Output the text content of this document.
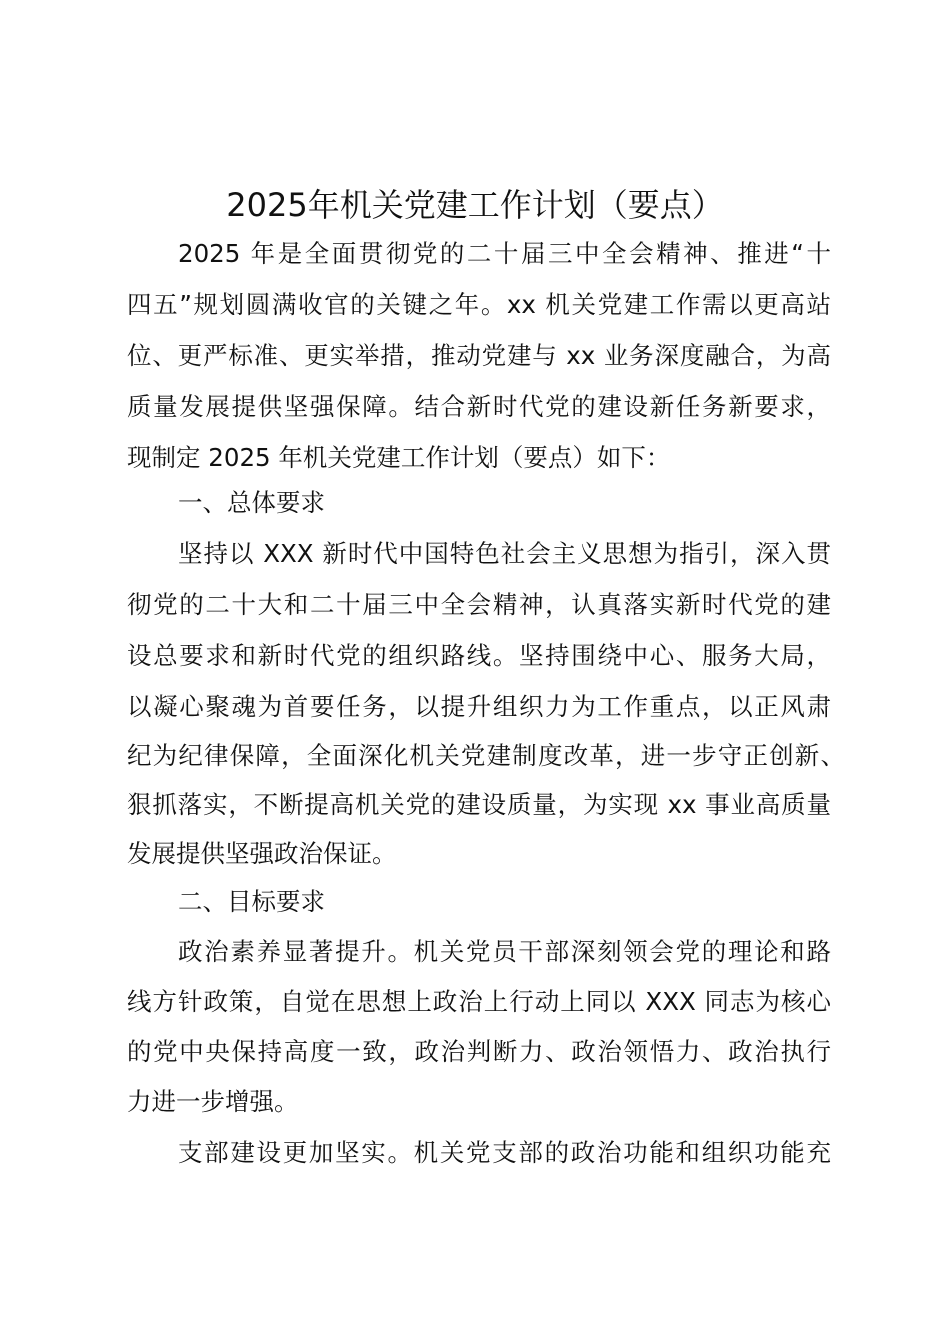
2025年机关党建工作计划（要点）
2025 年是全面贯彻党的二十届三中全会精神、推进“十
四五”规划圆满收官的关键之年。xx 机关党建工作需以更高站
位、更严标准、更实举措，推动党建与 xx 业务深度融合，为高
质量发展提供坚强保障。结合新时代党的建设新任务新要求，
现制定 2025 年机关党建工作计划（要点）如下：
一、总体要求
坚持以 XXX 新时代中国特色社会主义思想为指引，深入贯
彻党的二十大和二十届三中全会精神，认真落实新时代党的建
设总要求和新时代党的组织路线。坚持围绕中心、服务大局，
以凝心聚魂为首要任务，以提升组织力为工作重点，以正风肃
纪为纪律保障，全面深化机关党建制度改革，进一步守正创新、
狠抓落实，不断提高机关党的建设质量，为实现 xx 事业高质量
发展提供坚强政治保证。
二、目标要求
政治素养显著提升。机关党员干部深刻领会党的理论和路
线方针政策，自觉在思想上政治上行动上同以 XXX 同志为核心
的党中央保持高度一致，政治判断力、政治领悟力、政治执行
力进一步增强。
支部建设更加坚实。机关党支部的政治功能和组织功能充
